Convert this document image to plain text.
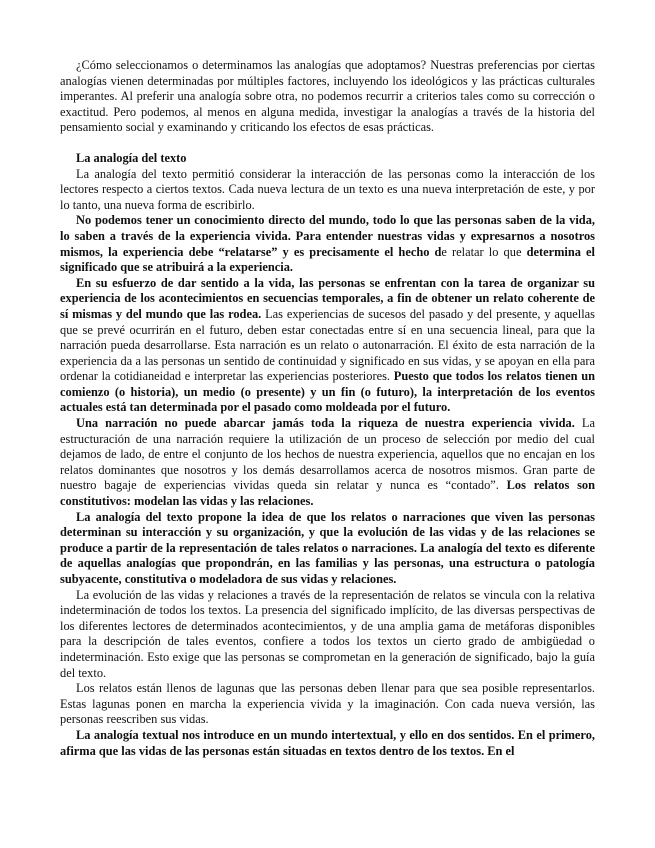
¿Cómo seleccionamos o determinamos las analogías que adoptamos? Nuestras preferencias por ciertas analogías vienen determinadas por múltiples factores, incluyendo los ideológicos y las prácticas culturales imperantes. Al preferir una analogía sobre otra, no podemos recurrir a criterios tales como su corrección o exactitud. Pero podemos, al menos en alguna medida, investigar la analogías a través de la historia del pensamiento social y examinando y criticando los efectos de esas prácticas.

La analogía del texto

La analogía del texto permitió considerar la interacción de las personas como la interacción de los lectores respecto a ciertos textos. Cada nueva lectura de un texto es una nueva interpretación de este, y por lo tanto, una nueva forma de escribirlo.

No podemos tener un conocimiento directo del mundo, todo lo que las personas saben de la vida, lo saben a través de la experiencia vivida. Para entender nuestras vidas y expresarnos a nosotros mismos, la experiencia debe “relatarse” y es precisamente el hecho de relatar lo que determina el significado que se atribuirá a la experiencia.

En su esfuerzo de dar sentido a la vida, las personas se enfrentan con la tarea de organizar su experiencia de los acontecimientos en secuencias temporales, a fin de obtener un relato coherente de sí mismas y del mundo que las rodea. Las experiencias de sucesos del pasado y del presente, y aquellas que se prevé ocurrirán en el futuro, deben estar conectadas entre sí en una secuencia lineal, para que la narración pueda desarrollarse. Esta narración es un relato o autonarración. El éxito de esta narración de la experiencia da a las personas un sentido de continuidad y significado en sus vidas, y se apoyan en ella para ordenar la cotidianeidad e interpretar las experiencias posteriores. Puesto que todos los relatos tienen un comienzo (o historia), un medio (o presente) y un fin (o futuro), la interpretación de los eventos actuales está tan determinada por el pasado como moldeada por el futuro.

Una narración no puede abarcar jamás toda la riqueza de nuestra experiencia vivida. La estructuración de una narración requiere la utilización de un proceso de selección por medio del cual dejamos de lado, de entre el conjunto de los hechos de nuestra experiencia, aquellos que no encajan en los relatos dominantes que nosotros y los demás desarrollamos acerca de nosotros mismos. Gran parte de nuestro bagaje de experiencias vividas queda sin relatar y nunca es “contado”. Los relatos son constitutivos: modelan las vidas y las relaciones.

La analogía del texto propone la idea de que los relatos o narraciones que viven las personas determinan su interacción y su organización, y que la evolución de las vidas y de las relaciones se produce a partir de la representación de tales relatos o narraciones. La analogía del texto es diferente de aquellas analogías que propondrán, en las familias y las personas, una estructura o patología subyacente, constitutiva o modeladora de sus vidas y relaciones.

La evolución de las vidas y relaciones a través de la representación de relatos se vincula con la relativa indeterminación de todos los textos. La presencia del significado implícito, de las diversas perspectivas de los diferentes lectores de determinados acontecimientos, y de una amplia gama de metáforas disponibles para la descripción de tales eventos, confiere a todos los textos un cierto grado de ambigüedad o indeterminación. Esto exige que las personas se comprometan en la generación de significado, bajo la guía del texto.

Los relatos están llenos de lagunas que las personas deben llenar para que sea posible representarlos. Estas lagunas ponen en marcha la experiencia vivida y la imaginación. Con cada nueva versión, las personas reescriben sus vidas.

La analogía textual nos introduce en un mundo intertextual, y ello en dos sentidos. En el primero, afirma que las vidas de las personas están situadas en textos dentro de los textos. En el
